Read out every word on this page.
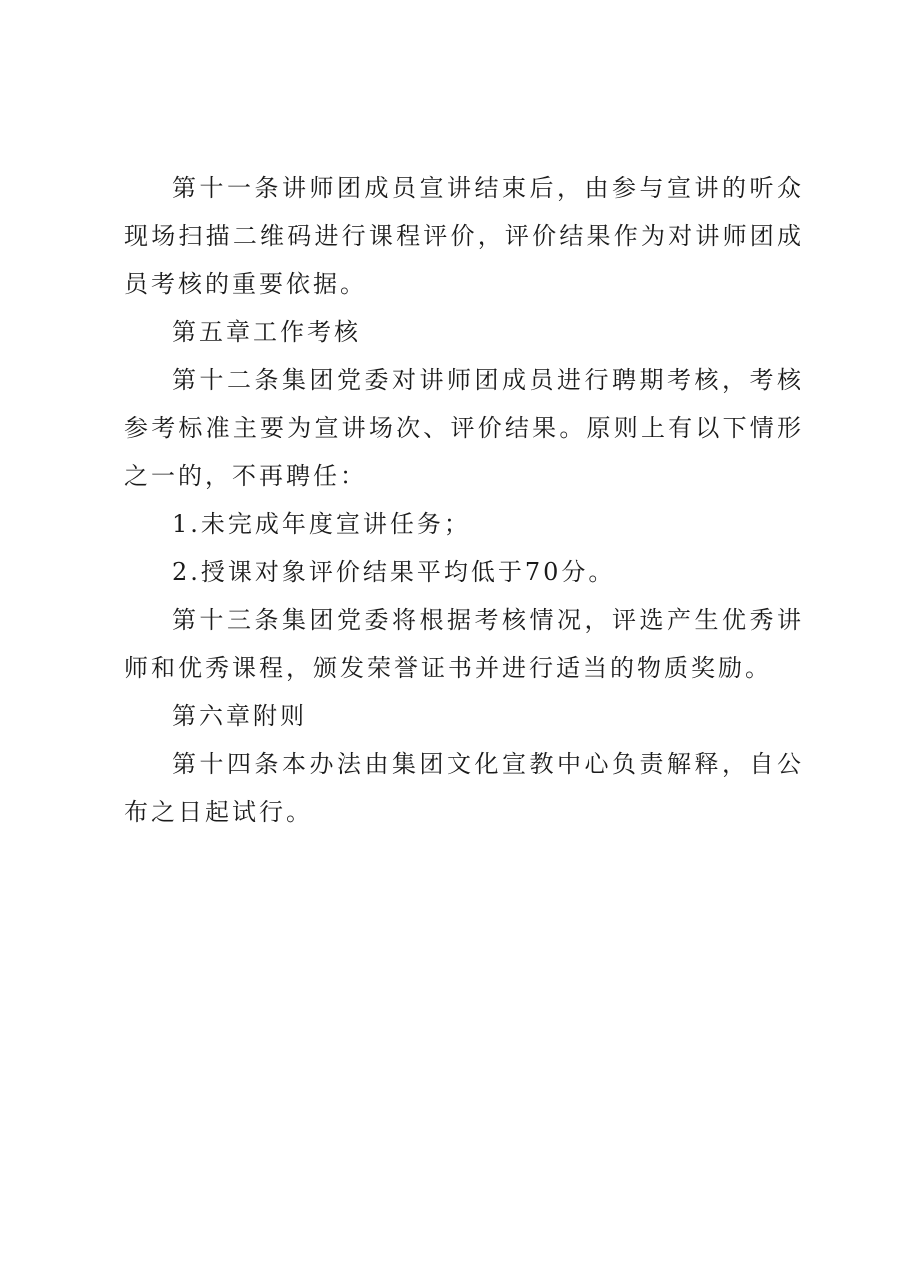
第十一条讲师团成员宣讲结束后，由参与宣讲的听众现场扫描二维码进行课程评价，评价结果作为对讲师团成员考核的重要依据。

第五章工作考核

第十二条集团党委对讲师团成员进行聘期考核，考核参考标准主要为宣讲场次、评价结果。原则上有以下情形之一的，不再聘任：

1.未完成年度宣讲任务；

2.授课对象评价结果平均低于70分。

第十三条集团党委将根据考核情况，评选产生优秀讲师和优秀课程，颁发荣誉证书并进行适当的物质奖励。

第六章附则

第十四条本办法由集团文化宣教中心负责解释，自公布之日起试行。
